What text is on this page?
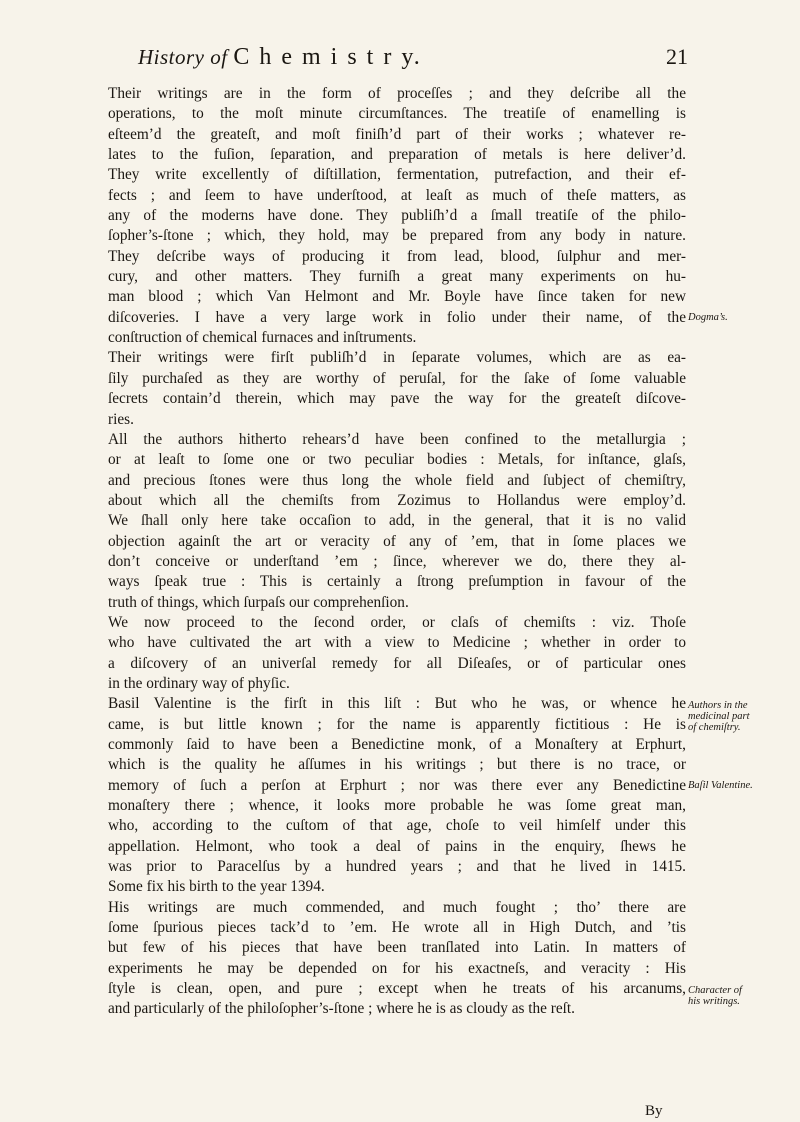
History of C h e m i s t r y.	21

Their writings are in the form of proceſſes ; and they deſcribe all the
operations, to the moſt minute circumſtances. The treatiſe of enamelling is
eſteem’d the greateſt, and moſt finiſh’d part of their works ; whatever re-
lates to the fuſion, ſeparation, and preparation of metals is here deliver’d.
They write excellently of diſtillation, fermentation, putrefaction, and their ef-
fects ; and ſeem to have underſtood, at leaſt as much of theſe matters, as
any of the moderns have done. They publiſh’d a ſmall treatiſe of the philo-
ſopher’s-ſtone ; which, they hold, may be prepared from any body in nature.
They deſcribe ways of producing it from lead, blood, ſulphur and mer-
cury, and other matters. They furniſh a great many experiments on hu-
man blood ; which Van Helmont and Mr. Boyle have ſince taken for new
diſcoveries. I have a very large work in folio under their name, of the
conſtruction of chemical furnaces and inſtruments.

Their writings were firſt publiſh’d in ſeparate volumes, which are as ea-
ſily purchaſed as they are worthy of peruſal, for the ſake of ſome valuable
ſecrets contain’d therein, which may pave the way for the greateſt diſcove-
ries.

All the authors hitherto rehears’d have been confined to the metallurgia ;
or at leaſt to ſome one or two peculiar bodies : Metals, for inſtance, glaſs,
and precious ſtones were thus long the whole field and ſubject of chemiſtry,
about which all the chemiſts from Zozimus to Hollandus were employ’d.
We ſhall only here take occaſion to add, in the general, that it is no valid
objection againſt the art or veracity of any of ’em, that in ſome places we
don’t conceive or underſtand ’em ; ſince, wherever we do, there they al-
ways ſpeak true : This is certainly a ſtrong preſumption in favour of the
truth of things, which ſurpaſs our comprehenſion.

We now proceed to the ſecond order, or claſs of chemiſts : viz. Thoſe
who have cultivated the art with a view to Medicine ; whether in order to
a diſcovery of an univerſal remedy for all Diſeaſes, or of particular ones
in the ordinary way of phyſic.

Basil Valentine is the firſt in this liſt : But who he was, or whence he
came, is but little known ; for the name is apparently fictitious : He is
commonly ſaid to have been a Benedictine monk, of a Monaſtery at Erphurt,
which is the quality he aſſumes in his writings ; but there is no trace, or
memory of ſuch a perſon at Erphurt ; nor was there ever any Benedictine
monaſtery there ; whence, it looks more probable he was ſome great man,
who, according to the cuſtom of that age, choſe to veil himſelf under this
appellation. Helmont, who took a deal of pains in the enquiry, ſhews he
was prior to Paracelſus by a hundred years ; and that he lived in 1415.
Some fix his birth to the year 1394.

His writings are much commended, and much fought ; tho’ there are
ſome ſpurious pieces tack’d to ’em. He wrote all in High Dutch, and ’tis
but few of his pieces that have been tranſlated into Latin. In matters of
experiments he may be depended on for his exactneſs, and veracity : His
ſtyle is clean, open, and pure ; except when he treats of his arcanums,
and particularly of the philoſopher’s-ſtone ; where he is as cloudy as the reſt.

Dogma’s.
Authors in the
medicinal part
of chemiſtry.
Baſil Valentine.
Character of
his writings.
By
